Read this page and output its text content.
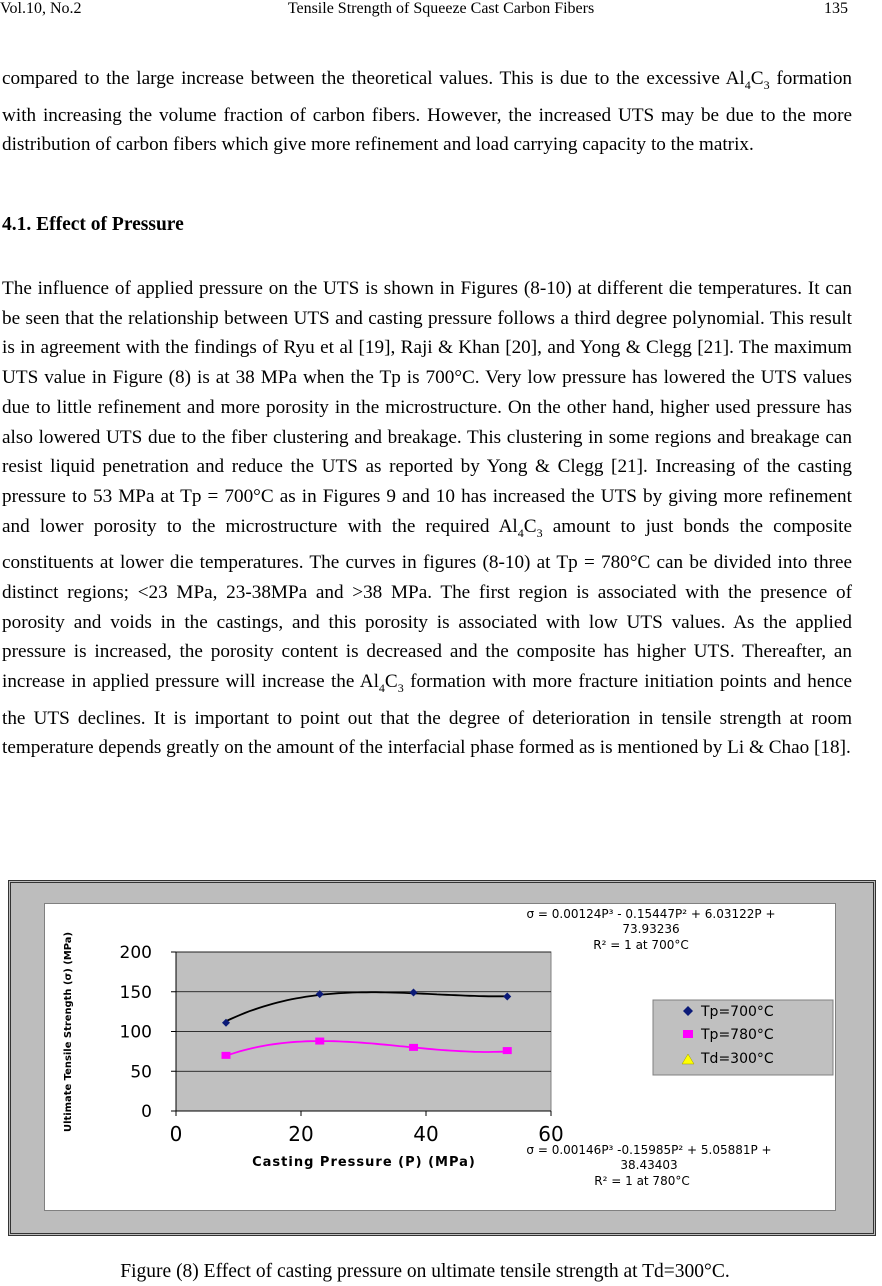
Vol.10, No.2	Tensile Strength of Squeeze Cast Carbon Fibers	135

compared to the large increase between the theoretical values. This is due to the excessive $Al_4C_3$ formation with increasing the volume fraction of carbon fibers. However, the increased UTS may be due to the more distribution of carbon fibers which give more refinement and load carrying capacity to the matrix.

4.1. Effect of Pressure

The influence of applied pressure on the UTS is shown in Figures (8-10) at different die temperatures. It can be seen that the relationship between UTS and casting pressure follows a third degree polynomial. This result is in agreement with the findings of Ryu et al [19], Raji & Khan [20], and Yong & Clegg [21]. The maximum UTS value in Figure (8) is at 38 MPa when the Tp is 700°C. Very low pressure has lowered the UTS values due to little refinement and more porosity in the microstructure. On the other hand, higher used pressure has also lowered UTS due to the fiber clustering and breakage. This clustering in some regions and breakage can resist liquid penetration and reduce the UTS as reported by Yong & Clegg [21]. Increasing of the casting pressure to 53 MPa at Tp = 700°C as in Figures 9 and 10 has increased the UTS by giving more refinement and lower porosity to the microstructure with the required $Al_4C_3$ amount to just bonds the composite constituents at lower die temperatures. The curves in figures (8-10) at Tp = 780°C can be divided into three distinct regions; <23 MPa, 23-38MPa and >38 MPa. The first region is associated with the presence of porosity and voids in the castings, and this porosity is associated with low UTS values. As the applied pressure is increased, the porosity content is decreased and the composite has higher UTS. Thereafter, an increase in applied pressure will increase the $Al_4C_3$ formation with more fracture initiation points and hence the UTS declines. It is important to point out that the degree of deterioration in tensile strength at room temperature depends greatly on the amount of the interfacial phase formed as is mentioned by Li & Chao [18].

0
50
100
150
200
0	20	40	60
Ultimate Tensile Strength (σ) (MPa)
Casting Pressure (P) (MPa)
σ = 0.00124P³ - 0.15447P² + 6.03122P +
73.93236
R² = 1 at 700°C
σ = 0.00146P³ -0.15985P² + 5.05881P +
38.43403
R² = 1 at 780°C
Tp=700°C
Tp=780°C
Td=300°C
Figure (8) Effect of casting pressure on ultimate tensile strength at Td=300°C.
